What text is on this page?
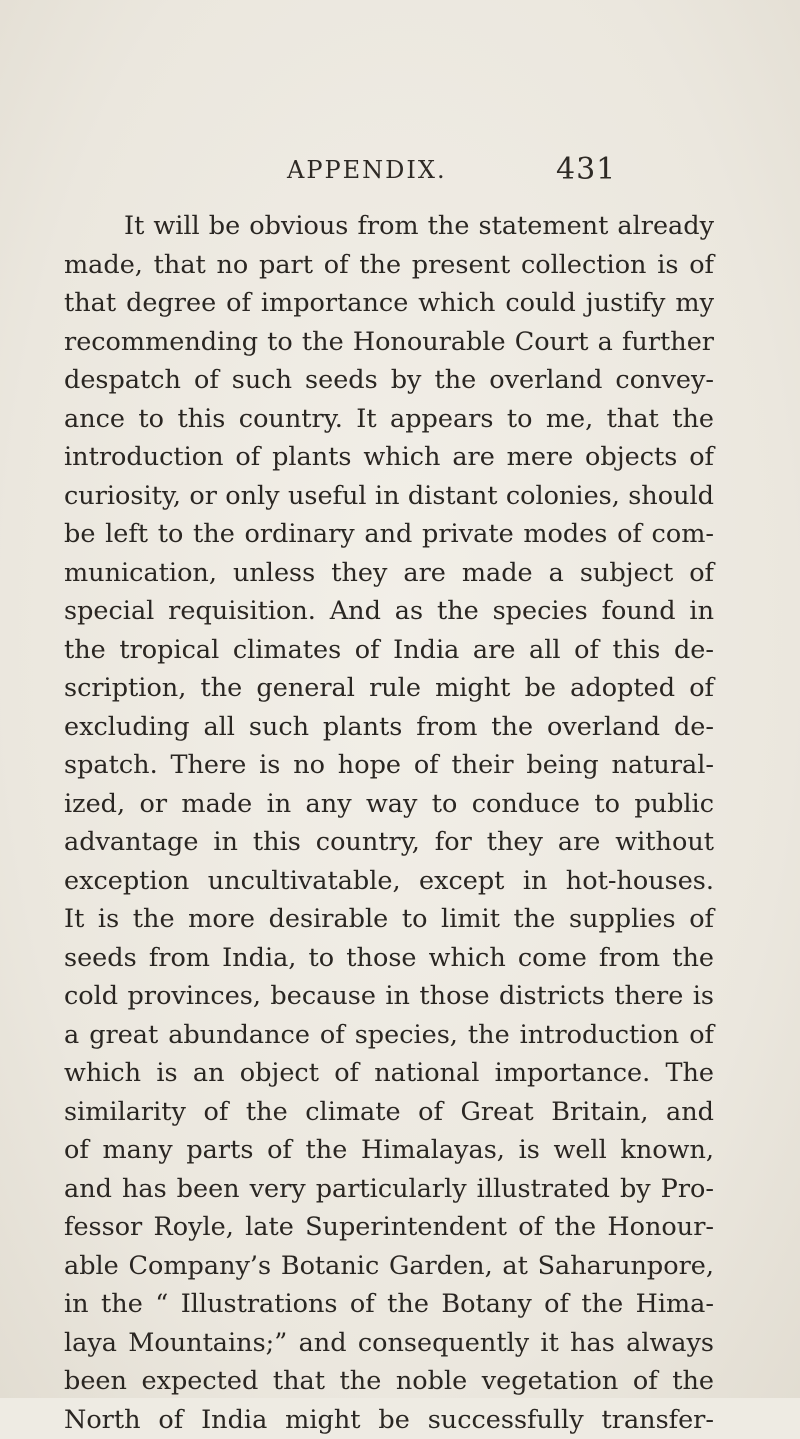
APPENDIX.	431
It will be obvious from the statement already
made, that no part of the present collection is of
that degree of importance which could justify my
recommending to the Honourable Court a further
despatch of such seeds by the overland convey-
ance to this country. It appears to me, that the
introduction of plants which are mere objects of
curiosity, or only useful in distant colonies, should
be left to the ordinary and private modes of com-
munication, unless they are made a subject of
special requisition. And as the species found in
the tropical climates of India are all of this de-
scription, the general rule might be adopted of
excluding all such plants from the overland de-
spatch. There is no hope of their being natural-
ized, or made in any way to conduce to public
advantage in this country, for they are without
exception uncultivatable, except in hot-houses.
It is the more desirable to limit the supplies of
seeds from India, to those which come from the
cold provinces, because in those districts there is
a great abundance of species, the introduction of
which is an object of national importance. The
similarity of the climate of Great Britain, and
of many parts of the Himalayas, is well known,
and has been very particularly illustrated by Pro-
fessor Royle, late Superintendent of the Honour-
able Company’s Botanic Garden, at Saharunpore,
in the “ Illustrations of the Botany of the Hima-
laya Mountains;” and consequently it has always
been expected that the noble vegetation of the
North of India might be successfully transfer-
